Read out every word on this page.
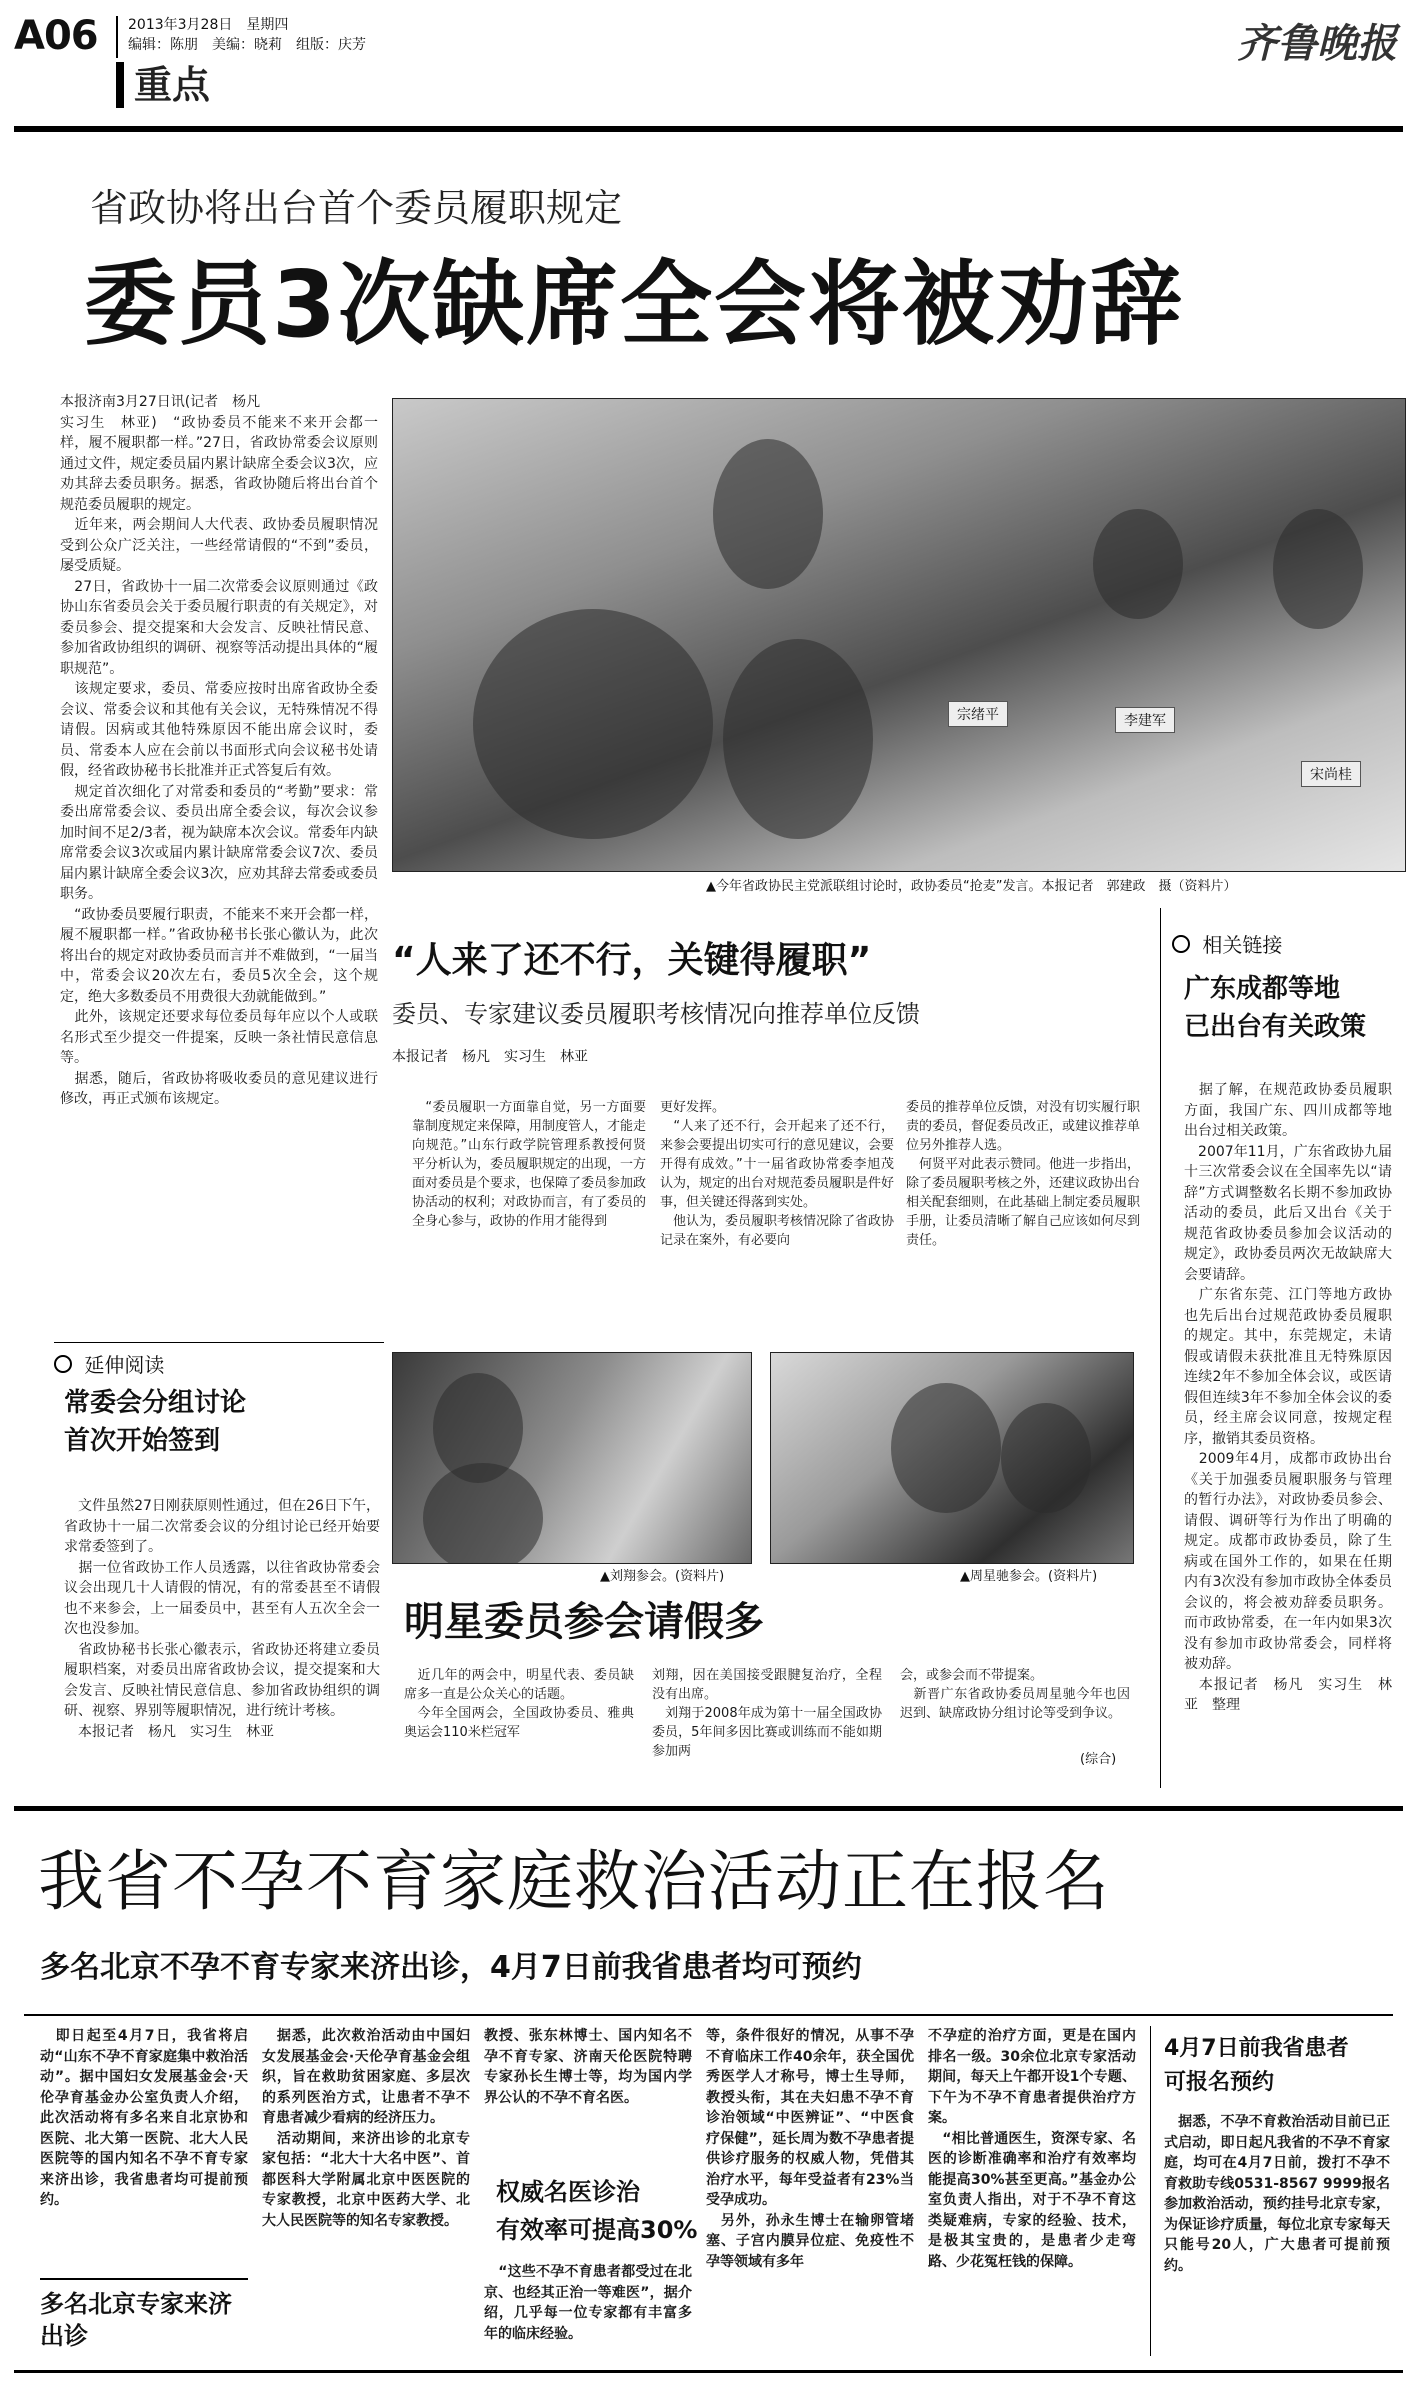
A06 2013年3月28日　星期四
编辑：陈朋　美编：晓莉　组版：庆芳
重点
齐鲁晚报
省政协将出台首个委员履职规定
委员3次缺席全会将被劝辞
本报济南3月27日讯(记者　杨凡
实习生　林亚)　“政协委员不能来不来开会都一样，履不履职都一样。”27日，省政协常委会议原则通过文件，规定委员届内累计缺席全委会议3次，应劝其辞去委员职务。据悉，省政协随后将出台首个规范委员履职的规定。
　近年来，两会期间人大代表、政协委员履职情况受到公众广泛关注，一些经常请假的“不到”委员，屡受质疑。
　27日，省政协十一届二次常委会议原则通过《政协山东省委员会关于委员履行职责的有关规定》，对委员参会、提交提案和大会发言、反映社情民意、参加省政协组织的调研、视察等活动提出具体的“履职规范”。
　该规定要求，委员、常委应按时出席省政协全委会议、常委会议和其他有关会议，无特殊情况不得请假。因病或其他特殊原因不能出席会议时，委员、常委本人应在会前以书面形式向会议秘书处请假，经省政协秘书长批准并正式答复后有效。
　规定首次细化了对常委和委员的“考勤”要求：常委出席常委会议、委员出席全委会议，每次会议参加时间不足2/3者，视为缺席本次会议。常委年内缺席常委会议3次或届内累计缺席常委会议7次、委员届内累计缺席全委会议3次，应劝其辞去常委或委员职务。
　“政协委员要履行职责，不能来不来开会都一样，履不履职都一样。”省政协秘书长张心徽认为，此次将出台的规定对政协委员而言并不难做到，“一届当中，常委会议20次左右，委员5次全会，这个规定，绝大多数委员不用费很大劲就能做到。”
　此外，该规定还要求每位委员每年应以个人或联名形式至少提交一件提案，反映一条社情民意信息等。
　据悉，随后，省政协将吸收委员的意见建议进行修改，再正式颁布该规定。
宗绪平	李建军
宋尚桂
▲今年省政协民主党派联组讨论时，政协委员“抢麦”发言。本报记者　郭建政　摄（资料片）
“人来了还不行，关键得履职”
委员、专家建议委员履职考核情况向推荐单位反馈
本报记者　杨凡　实习生　林亚
　“委员履职一方面靠自觉，另一方面要靠制度规定来保障，用制度管人，才能走向规范。”山东行政学院管理系教授何贤平分析认为，委员履职规定的出现，一方面对委员是个要求，也保障了委员参加政协活动的权利；对政协而言，有了委员的全身心参与，政协的作用才能得到
更好发挥。
　“人来了还不行，会开起来了还不行，来参会要提出切实可行的意见建议，会要开得有成效。”十一届省政协常委李旭茂认为，规定的出台对规范委员履职是件好事，但关键还得落到实处。
　他认为，委员履职考核情况除了省政协记录在案外，有必要向
委员的推荐单位反馈，对没有切实履行职责的委员，督促委员改正，或建议推荐单位另外推荐人选。
　何贤平对此表示赞同。他进一步指出，除了委员履职考核之外，还建议政协出台相关配套细则，在此基础上制定委员履职手册，让委员清晰了解自己应该如何尽到责任。
相关链接
广东成都等地
已出台有关政策
　据了解，在规范政协委员履职方面，我国广东、四川成都等地出台过相关政策。
　2007年11月，广东省政协九届十三次常委会议在全国率先以“请辞”方式调整数名长期不参加政协活动的委员，此后又出台《关于规范省政协委员参加会议活动的规定》，政协委员两次无故缺席大会要请辞。
　广东省东莞、江门等地方政协也先后出台过规范政协委员履职的规定。其中，东莞规定，未请假或请假未获批准且无特殊原因连续2年不参加全体会议，或医请假但连续3年不参加全体会议的委员，经主席会议同意，按规定程序，撤销其委员资格。
　2009年4月，成都市政协出台《关于加强委员履职服务与管理的暂行办法》，对政协委员参会、请假、调研等行为作出了明确的规定。成都市政协委员，除了生病或在国外工作的，如果在任期内有3次没有参加市政协全体委员会议的，将会被劝辞委员职务。而市政协常委，在一年内如果3次没有参加市政协常委会，同样将被劝辞。
　本报记者　杨凡　实习生　林亚　整理
延伸阅读
常委会分组讨论
首次开始签到
　文件虽然27日刚获原则性通过，但在26日下午，省政协十一届二次常委会议的分组讨论已经开始要求常委签到了。
　据一位省政协工作人员透露，以往省政协常委会议会出现几十人请假的情况，有的常委甚至不请假也不来参会，上一届委员中，甚至有人五次全会一次也没参加。
　省政协秘书长张心徽表示，省政协还将建立委员履职档案，对委员出席省政协会议，提交提案和大会发言、反映社情民意信息、参加省政协组织的调研、视察、界别等履职情况，进行统计考核。
　本报记者　杨凡　实习生　林亚
▲刘翔参会。(资料片)	▲周星驰参会。(资料片)
明星委员参会请假多
　近几年的两会中，明星代表、委员缺席多一直是公众关心的话题。
　今年全国两会，全国政协委员、雅典奥运会110米栏冠军
刘翔，因在美国接受跟腱复治疗，全程没有出席。
　刘翔于2008年成为第十一届全国政协委员，5年间多因比赛或训练而不能如期参加两
会，或参会而不带提案。
　新晋广东省政协委员周星驰今年也因迟到、缺席政协分组讨论等受到争议。
(综合)
我省不孕不育家庭救治活动正在报名
多名北京不孕不育专家来济出诊，4月7日前我省患者均可预约
　即日起至4月7日，我省将启动“山东不孕不育家庭集中救治活动”。据中国妇女发展基金会·天伦孕育基金办公室负责人介绍，此次活动将有多名来自北京协和医院、北大第一医院、北大人民医院等的国内知名不孕不育专家来济出诊，我省患者均可提前预约。
多名北京专家来济
出诊
　据悉，此次救治活动由中国妇女发展基金会·天伦孕育基金会组织，旨在救助贫困家庭、多层次的系列医治方式，让患者不孕不育患者减少看病的经济压力。
　活动期间，来济出诊的北京专家包括：“北大十大名中医”、首都医科大学附属北京中医医院的专家教授，北京中医药大学、北大人民医院等的知名专家教授。
教授、张东林博士、国内知名不孕不育专家、济南天伦医院特聘专家孙长生博士等，均为国内学界公认的不孕不育名医。
权威名医诊治
有效率可提高30%
　“这些不孕不育患者都受过在北京、也经其正治一等难医”，据介绍，几乎每一位专家都有丰富多年的临床经验。
等，条件很好的情况，从事不孕不育临床工作40余年，获全国优秀医学人才称号，博士生导师，教授头衔，其在夫妇患不孕不育诊治领域“中医辨证”、“中医食疗保健”，延长周为数不孕患者提供诊疗服务的权威人物，凭借其治疗水平，每年受益者有23%当受孕成功。
　另外，孙永生博士在输卵管堵塞、子宫内膜异位症、免疫性不孕等领域有多年
不孕症的治疗方面，更是在国内排名一级。30余位北京专家活动期间，每天上午都开设1个专题、下午为不孕不育患者提供治疗方案。
　“相比普通医生，资深专家、名医的诊断准确率和治疗有效率均能提高30%甚至更高。”基金办公室负责人指出，对于不孕不育这类疑难病，专家的经验、技术，是极其宝贵的，是患者少走弯路、少花冤枉钱的保障。
4月7日前我省患者
可报名预约
　据悉，不孕不育救治活动目前已正式启动，即日起凡我省的不孕不育家庭，均可在4月7日前，拨打不孕不育救助专线0531-8567 9999报名参加救治活动，预约挂号北京专家，为保证诊疗质量，每位北京专家每天只能号20人，广大患者可提前预约。
